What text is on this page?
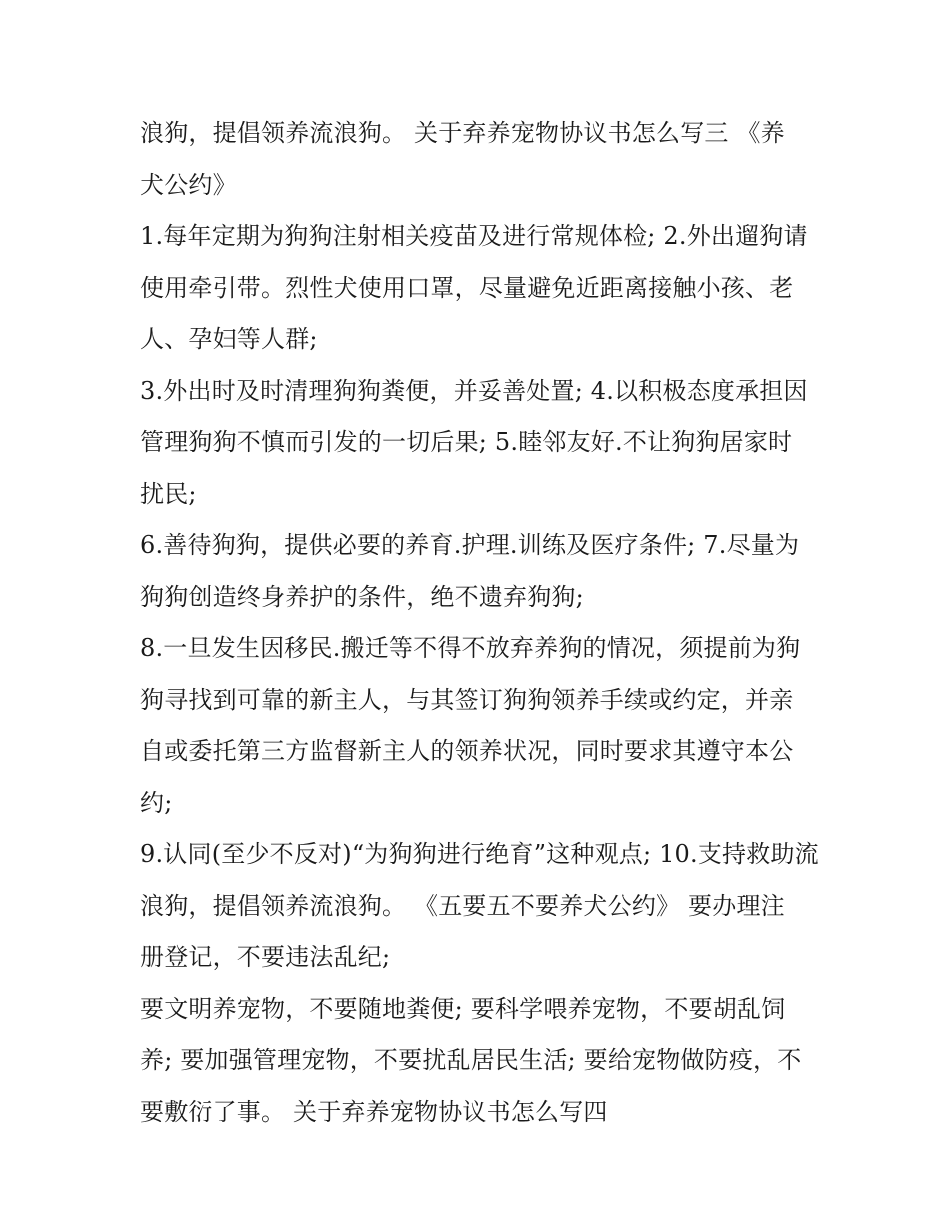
浪狗，提倡领养流浪狗。 关于弃养宠物协议书怎么写三 《养
犬公约》
1.每年定期为狗狗注射相关疫苗及进行常规体检; 2.外出遛狗请
使用牵引带。烈性犬使用口罩，尽量避免近距离接触小孩、老
人、孕妇等人群;
3.外出时及时清理狗狗粪便，并妥善处置; 4.以积极态度承担因
管理狗狗不慎而引发的一切后果; 5.睦邻友好.不让狗狗居家时
扰民;
6.善待狗狗，提供必要的养育.护理.训练及医疗条件; 7.尽量为
狗狗创造终身养护的条件，绝不遗弃狗狗;
8.一旦发生因移民.搬迁等不得不放弃养狗的情况，须提前为狗
狗寻找到可靠的新主人，与其签订狗狗领养手续或约定，并亲
自或委托第三方监督新主人的领养状况，同时要求其遵守本公
约;
9.认同(至少不反对)“为狗狗进行绝育”这种观点; 10.支持救助流
浪狗，提倡领养流浪狗。 《五要五不要养犬公约》 要办理注
册登记，不要违法乱纪;
要文明养宠物，不要随地粪便; 要科学喂养宠物，不要胡乱饲
养; 要加强管理宠物，不要扰乱居民生活; 要给宠物做防疫，不
要敷衍了事。 关于弃养宠物协议书怎么写四
